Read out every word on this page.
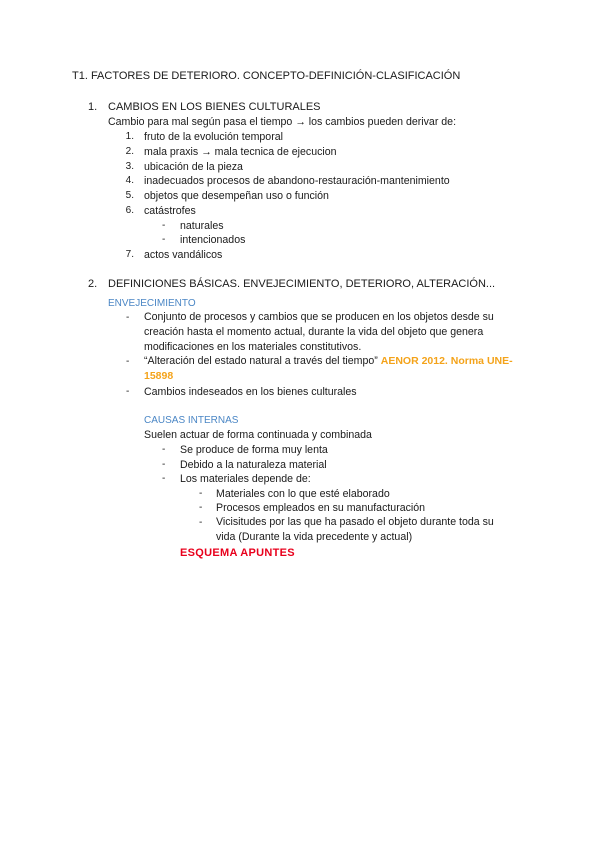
T1. FACTORES DE DETERIORO. CONCEPTO-DEFINICIÓN-CLASIFICACIÓN
1. CAMBIOS EN LOS BIENES CULTURALES
Cambio para mal según pasa el tiempo → los cambios pueden derivar de:
1. fruto de la evolución temporal
2. mala praxis → mala tecnica de ejecucion
3. ubicación de la pieza
4. inadecuados procesos de abandono-restauración-mantenimiento
5. objetos que desempeñan uso o función
6. catástrofes
- naturales
- intencionados
7. actos vandálicos
2. DEFINICIONES BÁSICAS. ENVEJECIMIENTO, DETERIORO, ALTERACIÓN...
ENVEJECIMIENTO
- Conjunto de procesos y cambios que se producen en los objetos desde su creación hasta el momento actual, durante la vida del objeto que genera modificaciones en los materiales constitutivos.
- “Alteración del estado natural a través del tiempo” AENOR 2012. Norma UNE-15898
- Cambios indeseados en los bienes culturales
CAUSAS INTERNAS
Suelen actuar de forma continuada y combinada
- Se produce de forma muy lenta
- Debido a la naturaleza material
- Los materiales depende de:
- Materiales con lo que esté elaborado
- Procesos empleados en su manufacturación
- Vicisitudes por las que ha pasado el objeto durante toda su vida (Durante la vida precedente y actual)
ESQUEMA APUNTES
